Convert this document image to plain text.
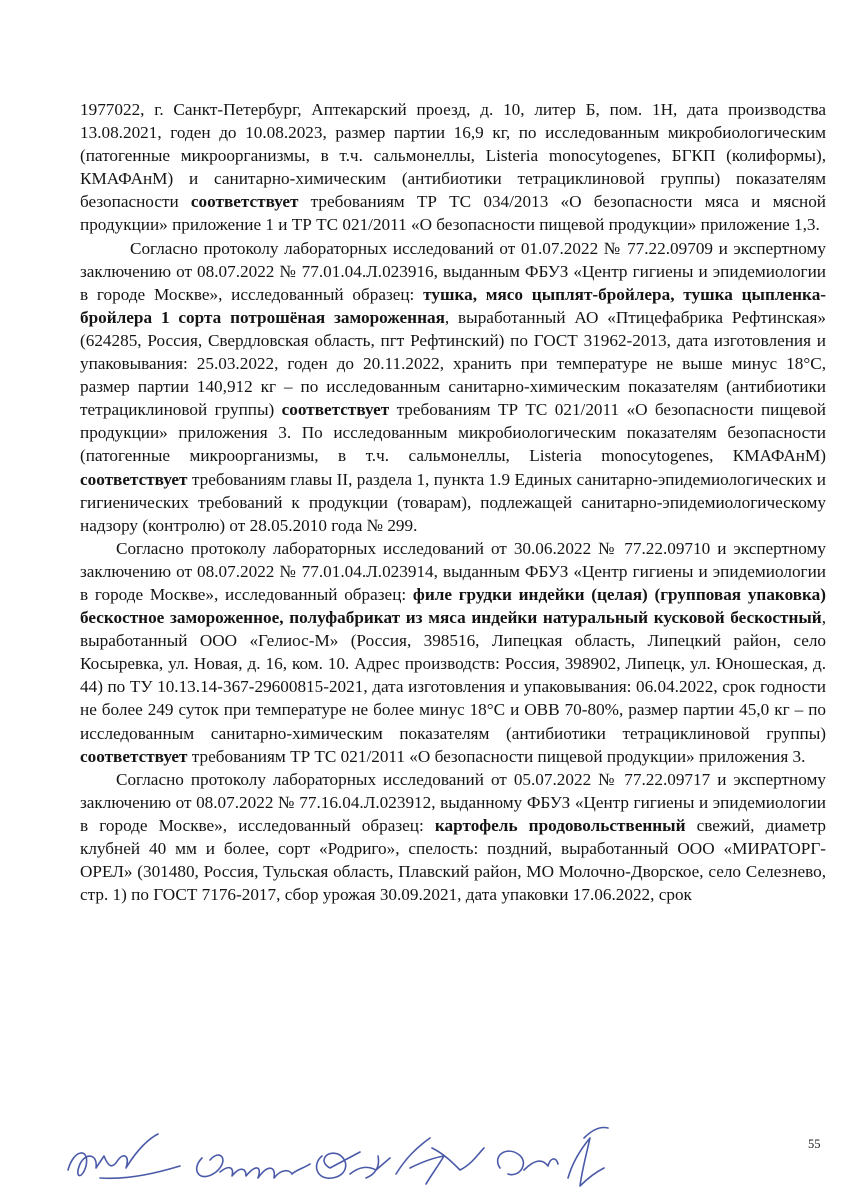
1977022, г. Санкт-Петербург, Аптекарский проезд, д. 10, литер Б, пом. 1Н, дата производства 13.08.2021, годен до 10.08.2023, размер партии 16,9 кг, по исследованным микробиологическим (патогенные микроорганизмы, в т.ч. сальмонеллы, Listeria monocytogenes, БГКП (колиформы), КМАФАнМ) и санитарно-химическим (антибиотики тетрациклиновой группы) показателям безопасности соответствует требованиям ТР ТС 034/2013 «О безопасности мяса и мясной продукции» приложение 1 и ТР ТС 021/2011 «О безопасности пищевой продукции» приложение 1,3.

Согласно протоколу лабораторных исследований от 01.07.2022 № 77.22.09709 и экспертному заключению от 08.07.2022 № 77.01.04.Л.023916, выданным ФБУЗ «Центр гигиены и эпидемиологии в городе Москве», исследованный образец: тушка, мясо цыплят-бройлера, тушка цыпленка-бройлера 1 сорта потрошёная замороженная, выработанный АО «Птицефабрика Рефтинская» (624285, Россия, Свердловская область, пгт Рефтинский) по ГОСТ 31962-2013, дата изготовления и упаковывания: 25.03.2022, годен до 20.11.2022, хранить при температуре не выше минус 18°С, размер партии 140,912 кг – по исследованным санитарно-химическим показателям (антибиотики тетрациклиновой группы) соответствует требованиям ТР ТС 021/2011 «О безопасности пищевой продукции» приложения 3. По исследованным микробиологическим показателям безопасности (патогенные микроорганизмы, в т.ч. сальмонеллы, Listeria monocytogenes, КМАФАнМ) соответствует требованиям главы II, раздела 1, пункта 1.9 Единых санитарно-эпидемиологических и гигиенических требований к продукции (товарам), подлежащей санитарно-эпидемиологическому надзору (контролю) от 28.05.2010 года № 299.

Согласно протоколу лабораторных исследований от 30.06.2022 № 77.22.09710 и экспертному заключению от 08.07.2022 № 77.01.04.Л.023914, выданным ФБУЗ «Центр гигиены и эпидемиологии в городе Москве», исследованный образец: филе грудки индейки (целая) (групповая упаковка) бескостное замороженное, полуфабрикат из мяса индейки натуральный кусковой бескостный, выработанный ООО «Гелиос-М» (Россия, 398516, Липецкая область, Липецкий район, село Косыревка, ул. Новая, д. 16, ком. 10. Адрес производств: Россия, 398902, Липецк, ул. Юношеская, д. 44) по ТУ 10.13.14-367-29600815-2021, дата изготовления и упаковывания: 06.04.2022, срок годности не более 249 суток при температуре не более минус 18°С и ОВВ 70-80%, размер партии 45,0 кг – по исследованным санитарно-химическим показателям (антибиотики тетрациклиновой группы) соответствует требованиям ТР ТС 021/2011 «О безопасности пищевой продукции» приложения 3.

Согласно протоколу лабораторных исследований от 05.07.2022 № 77.22.09717 и экспертному заключению от 08.07.2022 № 77.16.04.Л.023912, выданному ФБУЗ «Центр гигиены и эпидемиологии в городе Москве», исследованный образец: картофель продовольственный свежий, диаметр клубней 40 мм и более, сорт «Родриго», спелость: поздний, выработанный ООО «МИРАТОРГ-ОРЕЛ» (301480, Россия, Тульская область, Плавский район, МО Молочно-Дворское, село Селезнево, стр. 1) по ГОСТ 7176-2017, сбор урожая 30.09.2021, дата упаковки 17.06.2022, срок

55
